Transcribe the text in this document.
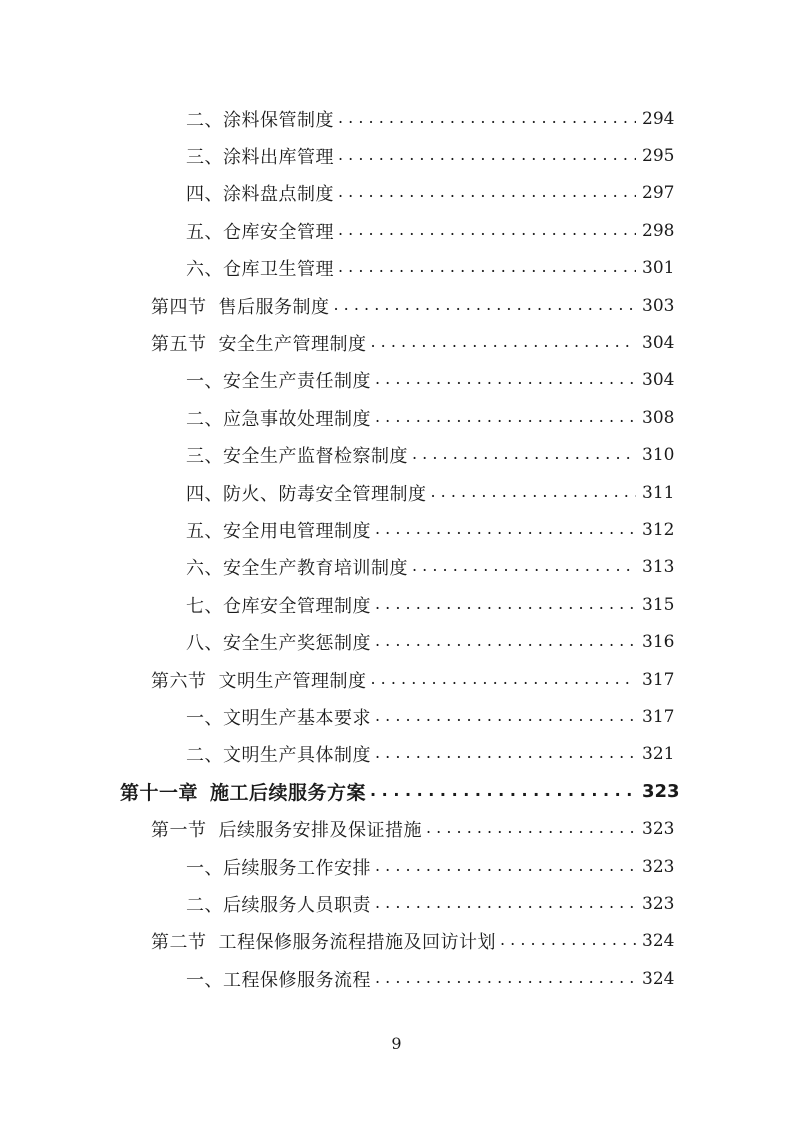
二、涂料保管制度 . . .	294
三、涂料出库管理 . . .	295
四、涂料盘点制度 . . .	297
五、仓库安全管理 . . .	298
六、仓库卫生管理 . . .	301
第四节 售后服务制度 . . .	303
第五节 安全生产管理制度 . . .	304
一、安全生产责任制度 . . .	304
二、应急事故处理制度 . . .	308
三、安全生产监督检察制度 . . .	310
四、防火、防毒安全管理制度 . . .	311
五、安全用电管理制度 . . .	312
六、安全生产教育培训制度 . . .	313
七、仓库安全管理制度 . . .	315
八、安全生产奖惩制度 . . .	316
第六节 文明生产管理制度 . . .	317
一、文明生产基本要求 . . .	317
二、文明生产具体制度 . . .	321
第十一章 施工后续服务方案 . . .	323
第一节 后续服务安排及保证措施 . . .	323
一、后续服务工作安排 . . .	323
二、后续服务人员职责 . . .	323
第二节 工程保修服务流程措施及回访计划 . . .	324
一、工程保修服务流程 . . .	324
9
